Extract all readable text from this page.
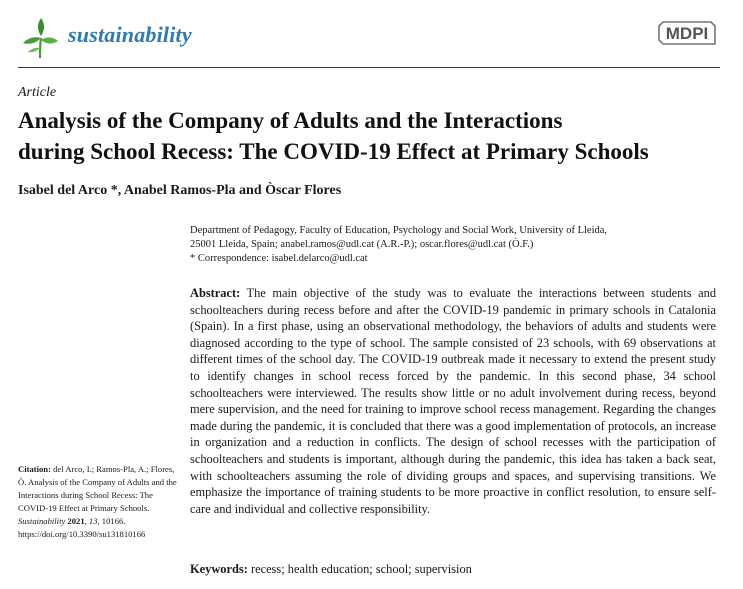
sustainability	MDPI
Article
Analysis of the Company of Adults and the Interactions
during School Recess: The COVID-19 Effect at Primary Schools
Isabel del Arco *, Anabel Ramos-Pla and Òscar Flores
Department of Pedagogy, Faculty of Education, Psychology and Social Work, University of Lleida,
25001 Lleida, Spain; anabel.ramos@udl.cat (A.R.-P.); oscar.flores@udl.cat (Ò.F.)
* Correspondence: isabel.delarco@udl.cat

Abstract: The main objective of the study was to evaluate the interactions between students and schoolteachers during recess before and after the COVID-19 pandemic in primary schools in Catalonia (Spain). In a first phase, using an observational methodology, the behaviors of adults and students were diagnosed according to the type of school. The sample consisted of 23 schools, with 69 observations at different times of the school day. The COVID-19 outbreak made it necessary to extend the present study to identify changes in school recess forced by the pandemic. In this second phase, 34 school schoolteachers were interviewed. The results show little or no adult involvement during recess, beyond mere supervision, and the need for training to improve school recess management. Regarding the changes made during the pandemic, it is concluded that there was a good implementation of protocols, an increase in organization and a reduction in conflicts. The design of school recesses with the participation of schoolteachers and students is important, although during the pandemic, this idea has taken a back seat, with schoolteachers assuming the role of dividing groups and spaces, and supervising transitions. We emphasize the importance of training students to be more proactive in conflict resolution, to ensure self-care and individual and collective responsibility.

Citation: del Arco, I.; Ramos-Pla, A.; Flores, Ò. Analysis of the Company of Adults and the Interactions during School Recess: The COVID-19 Effect at Primary Schools. Sustainability 2021, 13, 10166. https://doi.org/10.3390/su131810166
Keywords: recess; health education; school; supervision
